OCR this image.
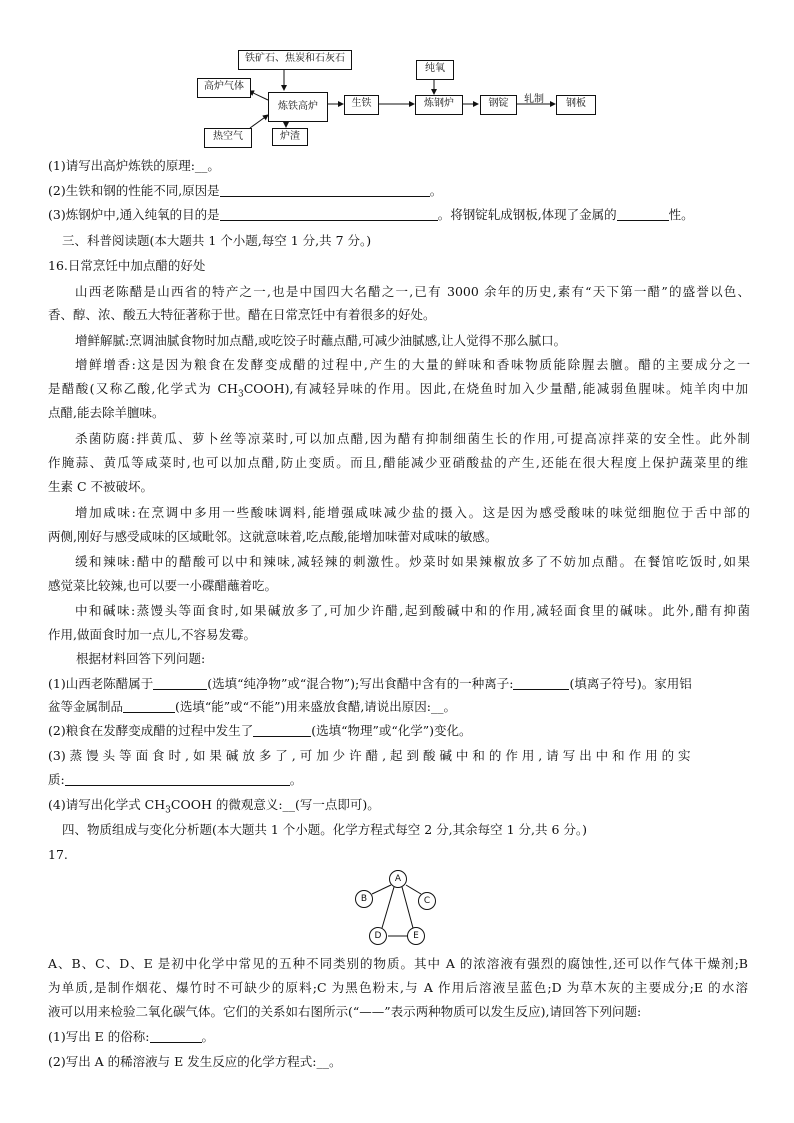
铁矿石、焦炭和石灰石
高炉气体
炼铁高炉
热空气	炉渣
生铁
纯氧
炼钢炉	钢锭	轧制	钢板
(1)请写出高炉炼铁的原理:__。
(2)生铁和钢的性能不同,原因是	。
(3)炼钢炉中,通入纯氧的目的是	。将钢锭轧成钢板,体现了金属的	性。
三、科普阅读题(本大题共 1 个小题,每空 1 分,共 7 分。)
16.日常烹饪中加点醋的好处
山西老陈醋是山西省的特产之一,也是中国四大名醋之一,已有 3000 余年的历史,素有“天下第一醋”的盛誉以色、
香、醇、浓、酸五大特征著称于世。醋在日常烹饪中有着很多的好处。
增鲜解腻:烹调油腻食物时加点醋,或吃饺子时蘸点醋,可减少油腻感,让人觉得不那么腻口。
增鲜增香:这是因为粮食在发酵变成醋的过程中,产生的大量的鲜味和香味物质能除腥去膻。醋的主要成分之一
是醋酸(又称乙酸,化学式为 $CH_3COOH$),有减轻异味的作用。因此,在烧鱼时加入少量醋,能减弱鱼腥味。炖羊肉中加
点醋,能去除羊膻味。
杀菌防腐:拌黄瓜、萝卜丝等凉菜时,可以加点醋,因为醋有抑制细菌生长的作用,可提高凉拌菜的安全性。此外制
作腌蒜、黄瓜等咸菜时,也可以加点醋,防止变质。而且,醋能减少亚硝酸盐的产生,还能在很大程度上保护蔬菜里的维
生素 C 不被破坏。
增加咸味:在烹调中多用一些酸味调料,能增强咸味减少盐的摄入。这是因为感受酸味的味觉细胞位于舌中部的
两侧,刚好与感受咸味的区域毗邻。这就意味着,吃点酸,能增加味蕾对咸味的敏感。
缓和辣味:醋中的醋酸可以中和辣味,减轻辣的刺激性。炒菜时如果辣椒放多了不妨加点醋。在餐馆吃饭时,如果
感觉菜比较辣,也可以要一小碟醋蘸着吃。
中和碱味:蒸馒头等面食时,如果碱放多了,可加少许醋,起到酸碱中和的作用,减轻面食里的碱味。此外,醋有抑菌
作用,做面食时加一点儿,不容易发霉。
根据材料回答下列问题:
(1)山西老陈醋属于	(选填“纯净物”或“混合物”);写出食醋中含有的一种离子:	(填离子符号)。家用铝
盆等金属制品	(选填“能”或“不能”)用来盛放食醋,请说出原因:__。
(2)粮食在发酵变成醋的过程中发生了	(选填“物理”或“化学”)变化。
(3) 蒸 馒 头 等 面 食 时 , 如 果 碱 放 多 了 , 可 加 少 许 醋 , 起 到 酸 碱 中 和 的 作 用 , 请 写 出 中 和 作 用 的 实
质:	。
(4)请写出化学式 $CH_3COOH$ 的微观意义:__(写一点即可)。
四、物质组成与变化分析题(本大题共 1 个小题。化学方程式每空 2 分,其余每空 1 分,共 6 分。)
17.
A
B	C
D	E
A、B、C、D、E 是初中化学中常见的五种不同类别的物质。其中 A 的浓溶液有强烈的腐蚀性,还可以作气体干燥剂;B
为单质,是制作烟花、爆竹时不可缺少的原料;C 为黑色粉末,与 A 作用后溶液呈蓝色;D 为草木灰的主要成分;E 的水溶
液可以用来检验二氧化碳气体。它们的关系如右图所示(“——”表示两种物质可以发生反应),请回答下列问题:
(1)写出 E 的俗称:	。
(2)写出 A 的稀溶液与 E 发生反应的化学方程式:__。
